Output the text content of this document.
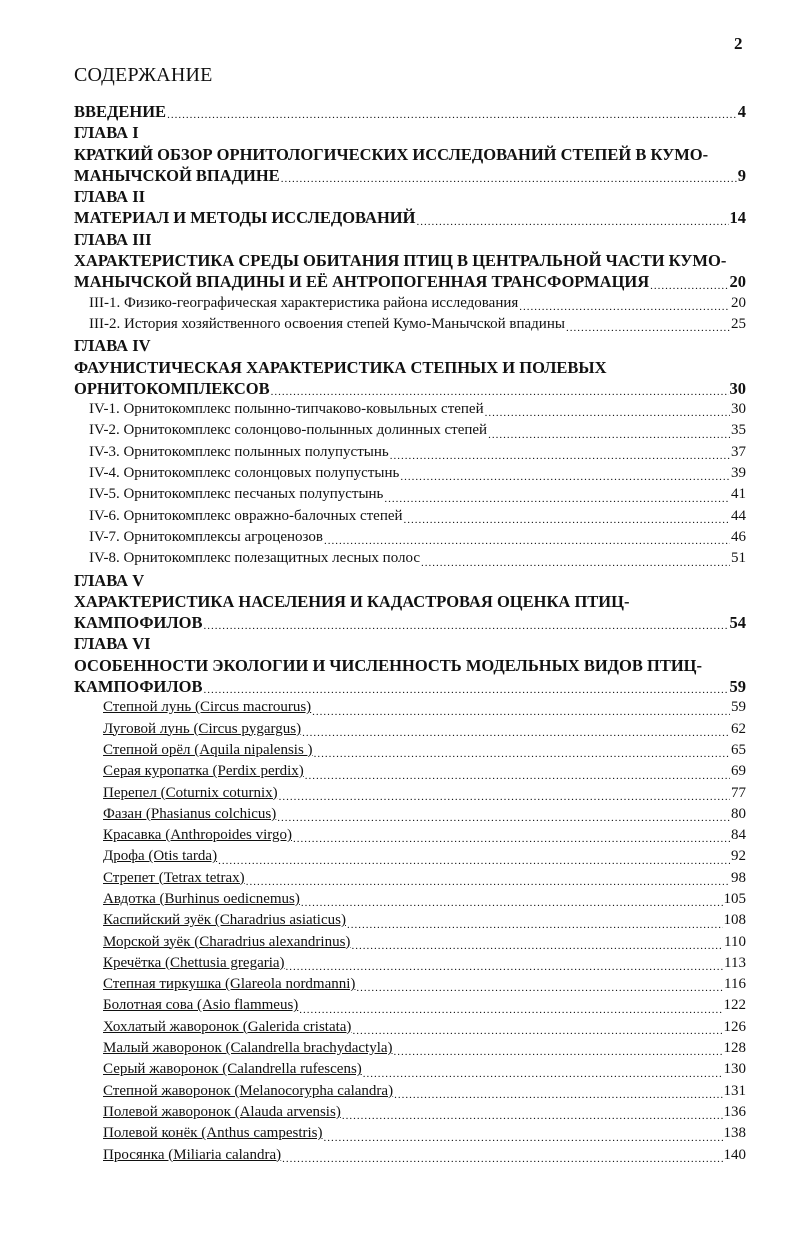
2
СОДЕРЖАНИЕ
ВВЕДЕНИЕ .....	4
ГЛАВА I
КРАТКИЙ ОБЗОР ОРНИТОЛОГИЧЕСКИХ ИССЛЕДОВАНИЙ СТЕПЕЙ В КУМО-
МАНЫЧСКОЙ ВПАДИНЕ .....	9
ГЛАВА II
МАТЕРИАЛ И МЕТОДЫ ИССЛЕДОВАНИЙ .....	14
ГЛАВА III
ХАРАКТЕРИСТИКА СРЕДЫ ОБИТАНИЯ ПТИЦ В ЦЕНТРАЛЬНОЙ ЧАСТИ КУМО-
МАНЫЧСКОЙ ВПАДИНЫ И ЕЁ АНТРОПОГЕННАЯ ТРАНСФОРМАЦИЯ .....	20
III-1. Физико-географическая характеристика района исследования .....	20
III-2. История хозяйственного освоения степей Кумо-Манычской впадины .....	25
ГЛАВА IV
ФАУНИСТИЧЕСКАЯ ХАРАКТЕРИСТИКА СТЕПНЫХ И ПОЛЕВЫХ
ОРНИТОКОМПЛЕКСОВ .....	30
IV-1. Орнитокомплекс полынно-типчаково-ковыльных степей .....	30
IV-2. Орнитокомплекс солонцово-полынных долинных степей .....	35
IV-3. Орнитокомплекс полынных полупустынь .....	37
IV-4. Орнитокомплекс солонцовых полупустынь .....	39
IV-5. Орнитокомплекс песчаных полупустынь .....	41
IV-6. Орнитокомплекс овражно-балочных степей .....	44
IV-7. Орнитокомплексы агроценозов .....	46
IV-8. Орнитокомплекс полезащитных лесных полос .....	51
ГЛАВА V
ХАРАКТЕРИСТИКА НАСЕЛЕНИЯ И КАДАСТРОВАЯ ОЦЕНКА ПТИЦ-
КАМПОФИЛОВ .....	54
ГЛАВА VI
ОСОБЕННОСТИ ЭКОЛОГИИ И ЧИСЛЕННОСТЬ МОДЕЛЬНЫХ ВИДОВ ПТИЦ-
КАМПОФИЛОВ .....	59
Степной лунь (Circus macrourus) .....	59
Луговой лунь (Circus pygargus) .....	62
Степной орёл (Aquila nipalensis ) .....	65
Серая куропатка (Perdix perdix) .....	69
Перепел (Coturnix coturnix) .....	77
Фазан (Phasianus colchicus) .....	80
Красавка (Anthropoides virgo) .....	84
Дрофа (Otis tarda) .....	92
Стрепет (Tetrax tetrax) .....	98
Авдотка (Burhinus oedicnemus) .....	105
Каспийский зуёк (Charadrius asiaticus) .....	108
Морской зуёк (Charadrius alexandrinus) .....	110
Кречётка (Chettusia gregaria) .....	113
Степная тиркушка (Glareola nordmanni) .....	116
Болотная сова (Asio flammeus) .....	122
Хохлатый жаворонок (Galerida cristata) .....	126
Малый жаворонок (Calandrella brachydactyla) .....	128
Серый жаворонок (Calandrella rufescens) .....	130
Степной жаворонок (Melanocorypha calandra) .....	131
Полевой жаворонок (Alauda arvensis) .....	136
Полевой конёк (Anthus campestris) .....	138
Просянка (Miliaria calandra) .....	140
